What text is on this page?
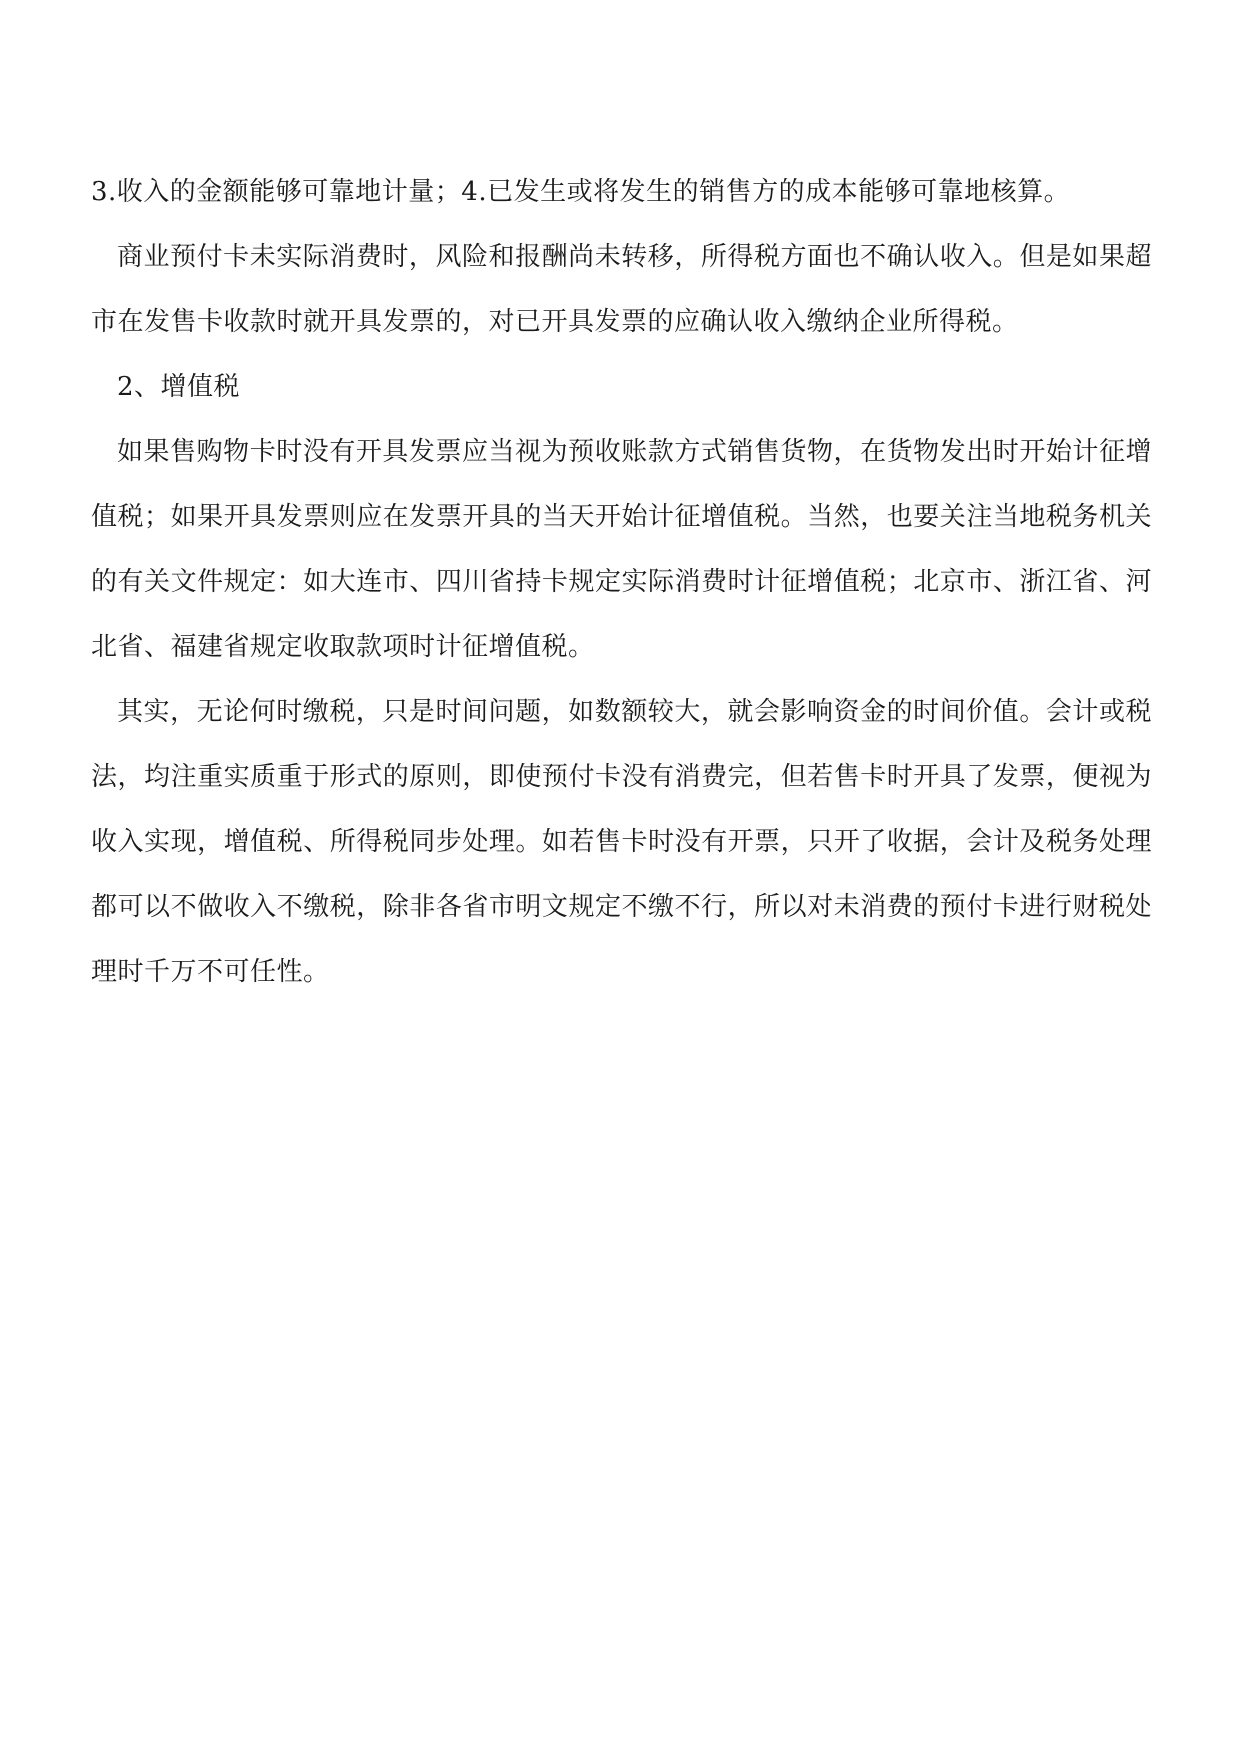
3.收入的金额能够可靠地计量；4.已发生或将发生的销售方的成本能够可靠地核算。

商业预付卡未实际消费时，风险和报酬尚未转移，所得税方面也不确认收入。但是如果超市在发售卡收款时就开具发票的，对已开具发票的应确认收入缴纳企业所得税。

2、增值税

如果售购物卡时没有开具发票应当视为预收账款方式销售货物，在货物发出时开始计征增值税；如果开具发票则应在发票开具的当天开始计征增值税。当然，也要关注当地税务机关的有关文件规定：如大连市、四川省持卡规定实际消费时计征增值税；北京市、浙江省、河北省、福建省规定收取款项时计征增值税。

其实，无论何时缴税，只是时间问题，如数额较大，就会影响资金的时间价值。会计或税法，均注重实质重于形式的原则，即使预付卡没有消费完，但若售卡时开具了发票，便视为收入实现，增值税、所得税同步处理。如若售卡时没有开票，只开了收据，会计及税务处理都可以不做收入不缴税，除非各省市明文规定不缴不行，所以对未消费的预付卡进行财税处理时千万不可任性。
